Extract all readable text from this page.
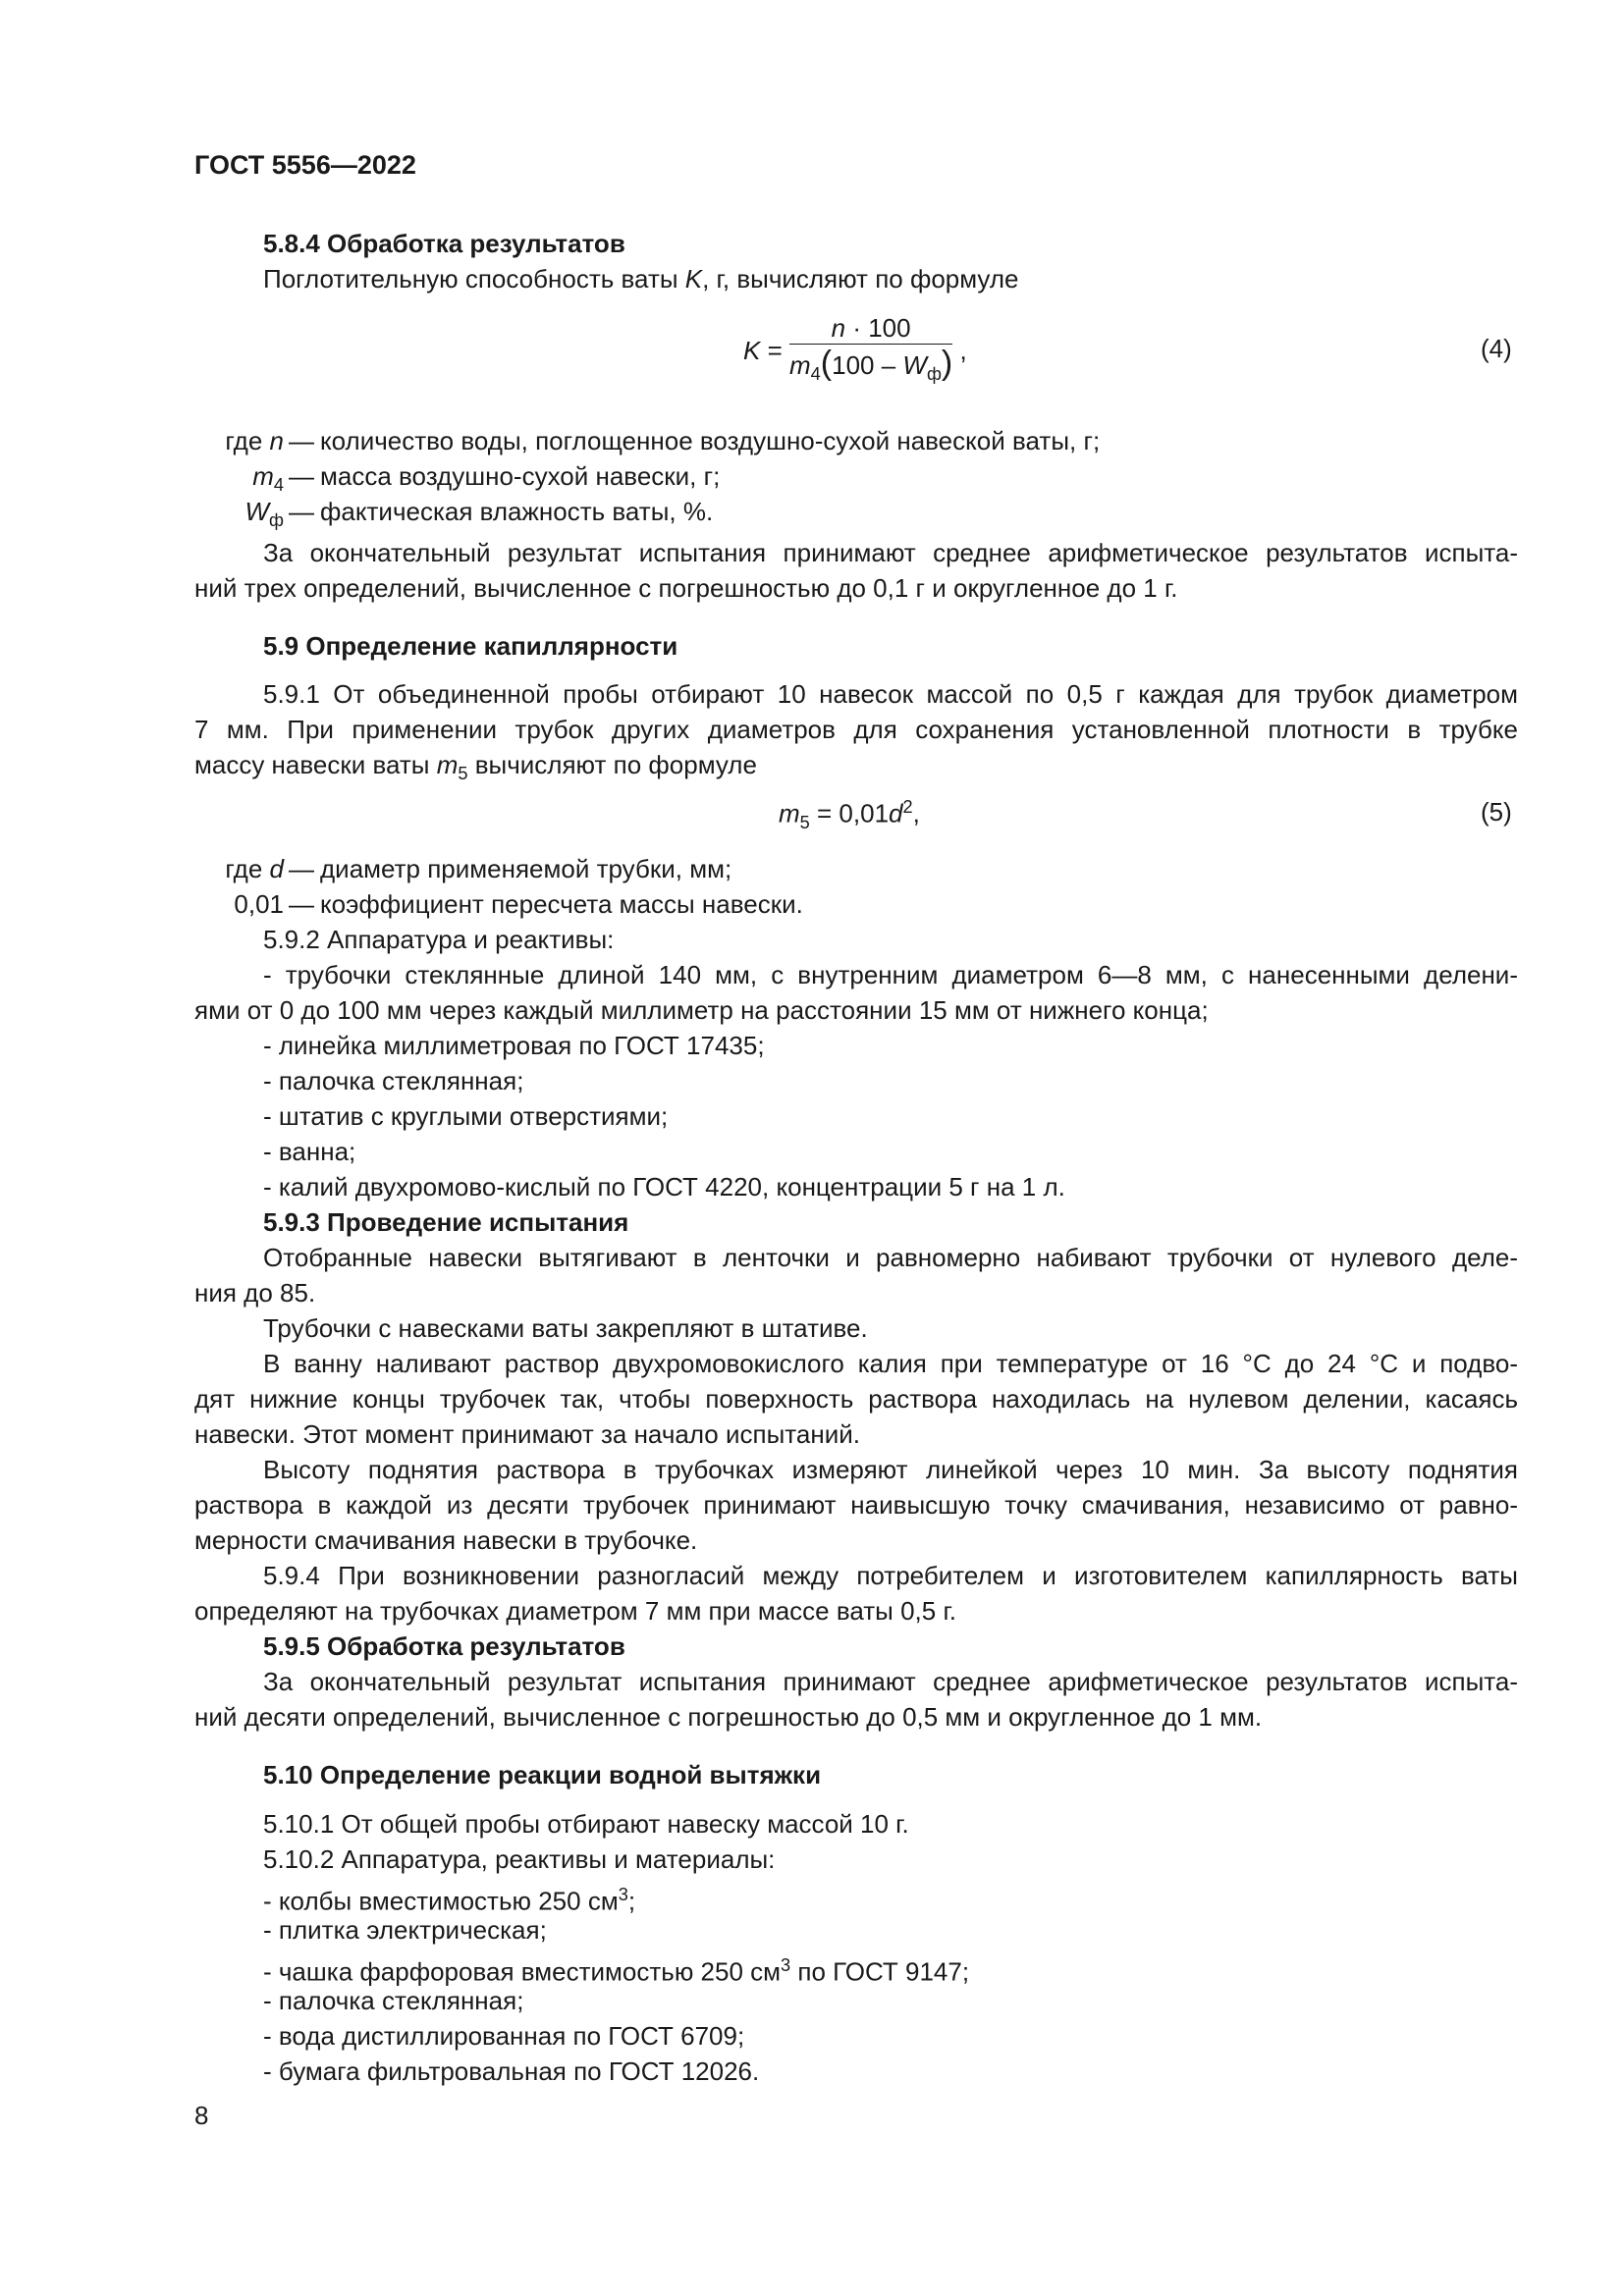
ГОСТ 5556—2022
5.8.4 Обработка результатов
Поглотительную способность ваты K, г, вычисляют по формуле
$K = \frac{n \cdot 100}{m_4(100 - W_ф)}$ ,	(4)
где n — количество воды, поглощенное воздушно-сухой навеской ваты, г;
$m_4$ — масса воздушно-сухой навески, г;
$W_ф$ — фактическая влажность ваты, %.
За окончательный результат испытания принимают среднее арифметическое результатов испыта-
ний трех определений, вычисленное с погрешностью до 0,1 г и округленное до 1 г.
5.9 Определение капиллярности
5.9.1 От объединенной пробы отбирают 10 навесок массой по 0,5 г каждая для трубок диаметром
7 мм. При применении трубок других диаметров для сохранения установленной плотности в трубке
массу навески ваты $m_5$ вычисляют по формуле
$m_5 = 0,01d^2$,	(5)
где d — диаметр применяемой трубки, мм;
0,01 — коэффициент пересчета массы навески.
5.9.2 Аппаратура и реактивы:
- трубочки стеклянные длиной 140 мм, с внутренним диаметром 6—8 мм, с нанесенными делени-
ями от 0 до 100 мм через каждый миллиметр на расстоянии 15 мм от нижнего конца;
- линейка миллиметровая по ГОСТ 17435;
- палочка стеклянная;
- штатив с круглыми отверстиями;
- ванна;
- калий двухромово-кислый по ГОСТ 4220, концентрации 5 г на 1 л.
5.9.3 Проведение испытания
Отобранные навески вытягивают в ленточки и равномерно набивают трубочки от нулевого деле-
ния до 85.
Трубочки с навесками ваты закрепляют в штативе.
В ванну наливают раствор двухромовокислого калия при температуре от 16 °С до 24 °С и подво-
дят нижние концы трубочек так, чтобы поверхность раствора находилась на нулевом делении, касаясь
навески. Этот момент принимают за начало испытаний.
Высоту поднятия раствора в трубочках измеряют линейкой через 10 мин. За высоту поднятия
раствора в каждой из десяти трубочек принимают наивысшую точку смачивания, независимо от равно-
мерности смачивания навески в трубочке.
5.9.4 При возникновении разногласий между потребителем и изготовителем капиллярность ваты
определяют на трубочках диаметром 7 мм при массе ваты 0,5 г.
5.9.5 Обработка результатов
За окончательный результат испытания принимают среднее арифметическое результатов испыта-
ний десяти определений, вычисленное с погрешностью до 0,5 мм и округленное до 1 мм.
5.10 Определение реакции водной вытяжки
5.10.1 От общей пробы отбирают навеску массой 10 г.
5.10.2 Аппаратура, реактивы и материалы:
- колбы вместимостью 250 $см^3$;
- плитка электрическая;
- чашка фарфоровая вместимостью 250 $см^3$ по ГОСТ 9147;
- палочка стеклянная;
- вода дистиллированная по ГОСТ 6709;
- бумага фильтровальная по ГОСТ 12026.
8
